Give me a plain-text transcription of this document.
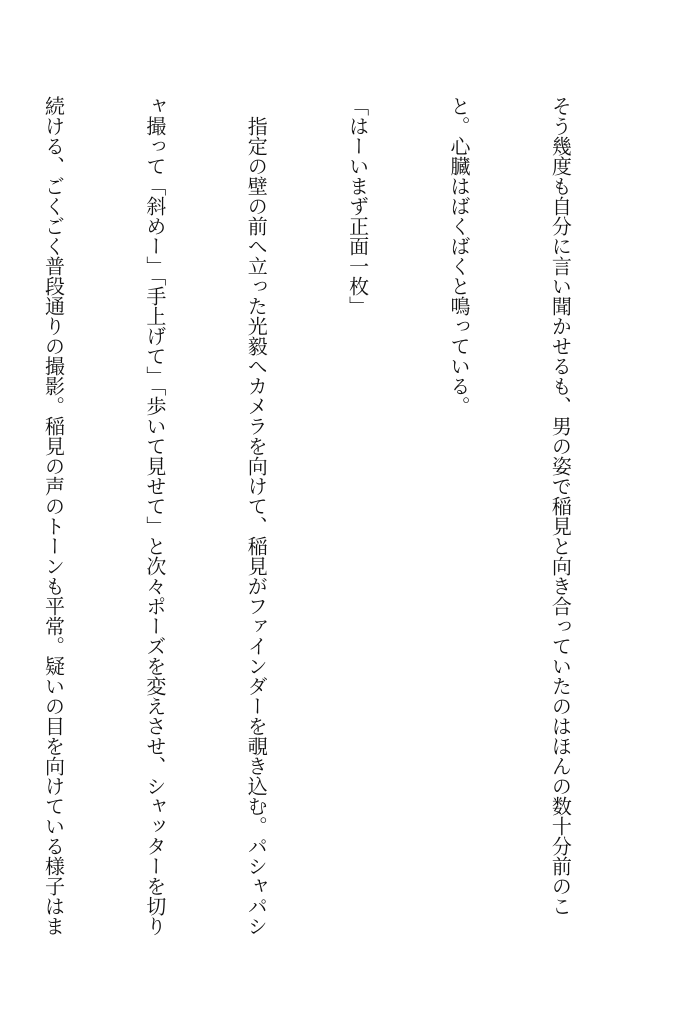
そう幾度も自分に言い聞かせるも、男の姿で稲見と向き合っていたのはほんの数十分前のこ

と。心臓はばくばくと鳴っている。

「はーいまず正面一枚」

　指定の壁の前へ立った光毅へカメラを向けて、稲見がファインダーを覗き込む。パシャパシ

ャ撮って「斜めー」「手上げて」「歩いて見せて」と次々ポーズを変えさせ、シャッターを切り

続ける、ごくごく普段通りの撮影。稲見の声のトーンも平常。疑いの目を向けている様子はま
